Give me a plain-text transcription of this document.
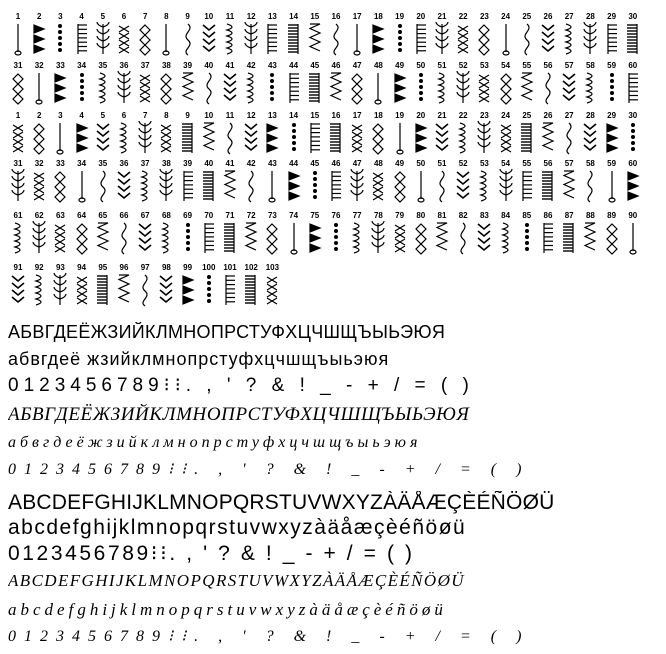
1	2	3	4	5	6	7	8	9	10	11	12	13	14	15	16	17	18	19	20	21	22	23	24	25	26	27	28	29	30
31	32	33	34	35	36	37	38	39	40	41	42	43	44	45	46	47	48	49	50	51	52	53	54	55	56	57	58	59	60
1	2	3	4	5	6	7	8	9	10	11	12	13	14	15	16	17	18	19	20	21	22	23	24	25	26	27	28	29	30
31	32	33	34	35	36	37	38	39	40	41	42	43	44	45	46	47	48	49	50	51	52	53	54	55	56	57	58	59	60
61	62	63	64	65	66	67	68	69	70	71	72	73	74	75	76	77	78	79	80	81	82	83	84	85	86	87	88	89	90
91	92	93	94	95	96	97	98	99	100 101 102 103
АБВГДЕЁЖЗИЙКЛМНОПРСТУФХЦЧШЩЪЫЬЭЮЯ
абвгдеё жзийклмнопрстуфхцчшщъыьэюя
0123456789⁝⁝. , ' ? & ! _ - + / = ( )
АБВГДЕЁЖЗИЙКЛМНОПРСТУФХЦЧШЩЪЫЬЭЮЯ
абвгдеёжзийклмнопрстуфхцчшщъыьэюя
0123456789⁝⁝. , ' ? & ! _ - + / = ( )
ABCDEFGHIJKLMNOPQRSTUVWXYZÀÄÅÆÇÈÉÑÖØÜ
abcdefghijklmnopqrstuvwxyzàäåæçèéñöøü
0123456789⁝⁝. , ' ? & ! _ - + / = ( )
ABCDEFGHIJKLMNOPQRSTUVWXYZÀÄÅÆÇÈÉÑÖØÜ
abcdefghijklmnopqrstuvwxyzàäåæçèéñöøü
0123456789⁝⁝. , ' ? & ! _ - + / = ( )
